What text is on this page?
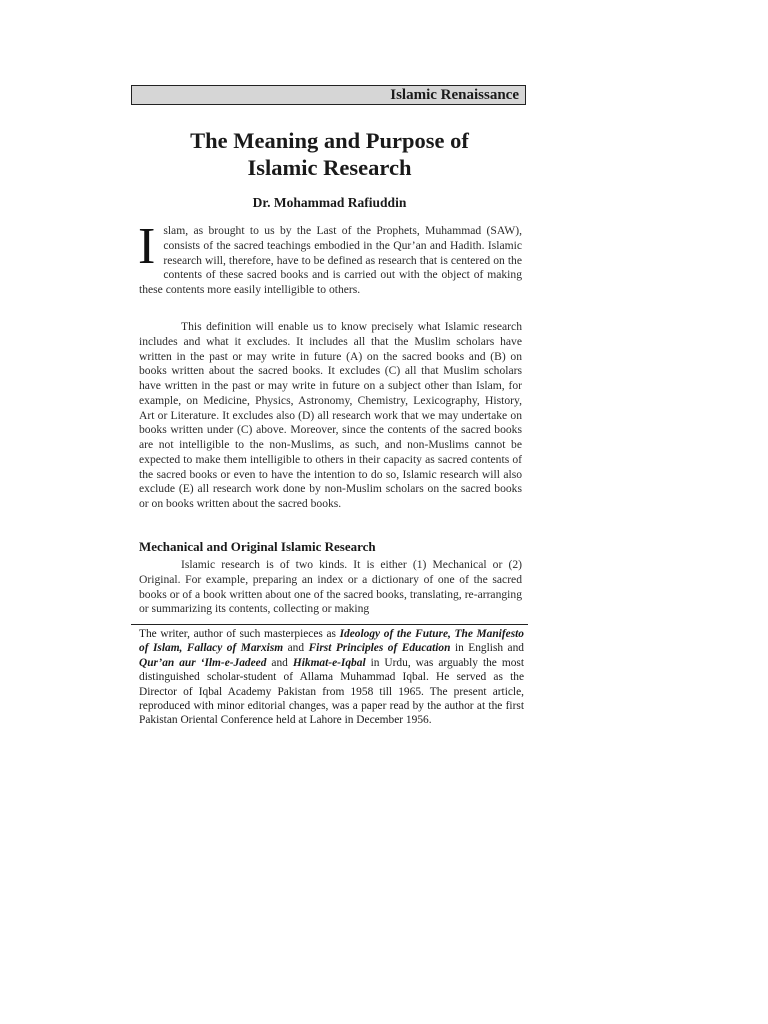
Islamic Renaissance
The Meaning and Purpose of
Islamic Research
Dr. Mohammad Rafiuddin
Islam, as brought to us by the Last of the Prophets, Muhammad (SAW), consists of the sacred teachings embodied in the Qur’an and Hadith. Islamic research will, therefore, have to be defined as research that is centered on the contents of these sacred books and is carried out with the object of making these contents more easily intelligible to others.
This definition will enable us to know precisely what Islamic research includes and what it excludes. It includes all that the Muslim scholars have written in the past or may write in future (A) on the sacred books and (B) on books written about the sacred books. It excludes (C) all that Muslim scholars have written in the past or may write in future on a subject other than Islam, for example, on Medicine, Physics, Astronomy, Chemistry, Lexicography, History, Art or Literature. It excludes also (D) all research work that we may undertake on books written under (C) above. Moreover, since the contents of the sacred books are not intelligible to the non-Muslims, as such, and non-Muslims cannot be expected to make them intelligible to others in their capacity as sacred contents of the sacred books or even to have the intention to do so, Islamic research will also exclude (E) all research work done by non-Muslim scholars on the sacred books or on books written about the sacred books.
Mechanical and Original Islamic Research
Islamic research is of two kinds. It is either (1) Mechanical or (2) Original. For example, preparing an index or a dictionary of one of the sacred books or of a book written about one of the sacred books, translating, re-arranging or summarizing its contents, collecting or making
The writer, author of such masterpieces as Ideology of the Future, The Manifesto of Islam, Fallacy of Marxism and First Principles of Education in English and Qur’an aur ‘Ilm-e-Jadeed and Hikmat-e-Iqbal in Urdu, was arguably the most distinguished scholar-student of Allama Muhammad Iqbal. He served as the Director of Iqbal Academy Pakistan from 1958 till 1965. The present article, reproduced with minor editorial changes, was a paper read by the author at the first Pakistan Oriental Conference held at Lahore in December 1956.
